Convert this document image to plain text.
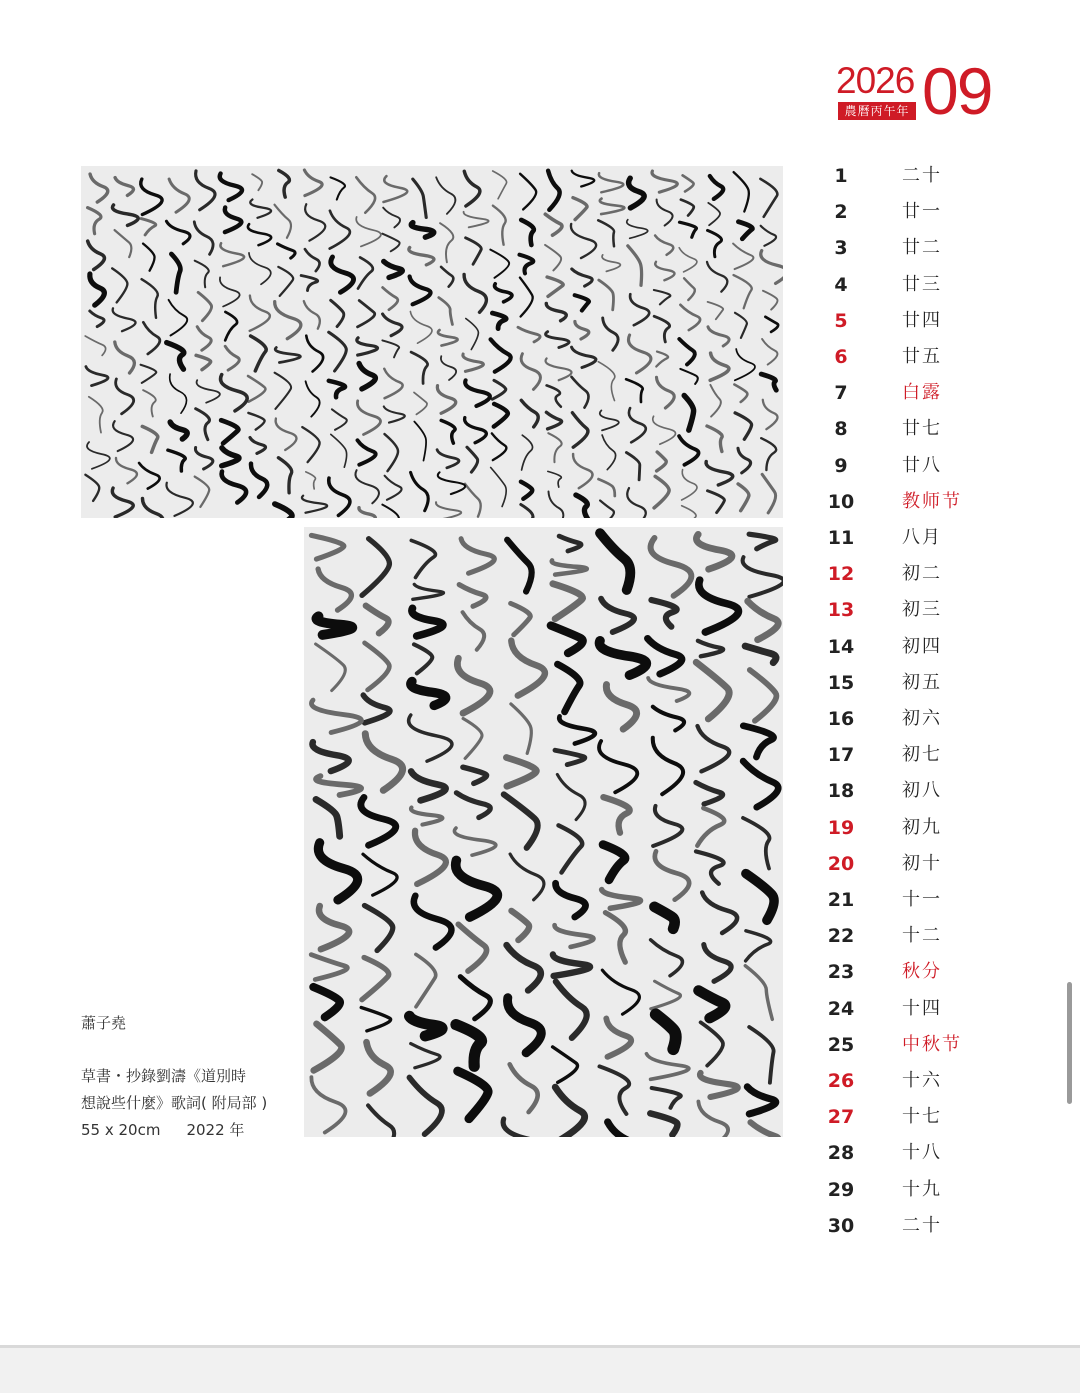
2026
農曆丙午年 09
蕭子堯
草書・抄錄劉濤《道別時
想說些什麼》歌詞( 附局部 )
55 x 20cm 2022 年
1	二十
2	廿一
3	廿二
4	廿三
5	廿四
6	廿五
7	白露
8	廿七
9	廿八
10	教师节
11	八月
12	初二
13	初三
14	初四
15	初五
16	初六
17	初七
18	初八
19	初九
20	初十
21	十一
22	十二
23	秋分
24	十四
25	中秋节
26	十六
27	十七
28	十八
29	十九
30	二十
